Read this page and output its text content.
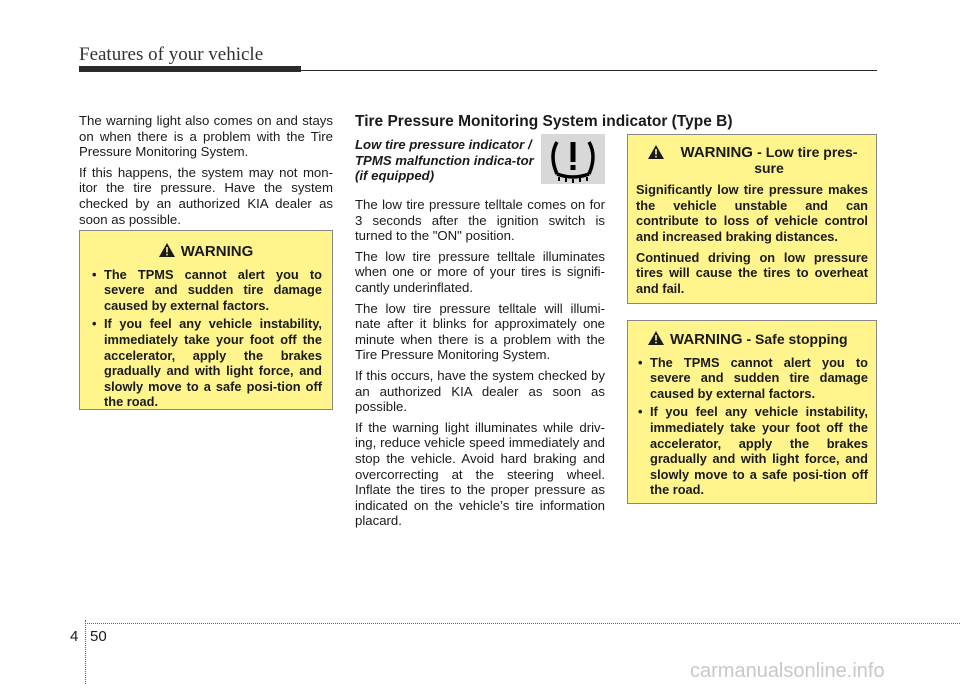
Features of your vehicle

The warning light also comes on and stays on when there is a problem with the Tire Pressure Monitoring System.

If this happens, the system may not mon-itor the tire pressure. Have the system checked by an authorized KIA dealer as soon as possible.

WARNING
• The TPMS cannot alert you to severe and sudden tire damage caused by external factors.
• If you feel any vehicle instability, immediately take your foot off the accelerator, apply the brakes gradually and with light force, and slowly move to a safe posi-tion off the road.
Tire Pressure Monitoring System indicator (Type B)
Low tire pressure indicator / TPMS malfunction indica-tor (if equipped)

The low tire pressure telltale comes on for 3 seconds after the ignition switch is turned to the "ON" position.

The low tire pressure telltale illuminates when one or more of your tires is signifi-cantly underinflated.

The low tire pressure telltale will illumi-nate after it blinks for approximately one minute when there is a problem with the Tire Pressure Monitoring System.

If this occurs, have the system checked by an authorized KIA dealer as soon as possible.

If the warning light illuminates while driv-ing, reduce vehicle speed immediately and stop the vehicle. Avoid hard braking and overcorrecting at the steering wheel. Inflate the tires to the proper pressure as indicated on the vehicle’s tire information placard.

WARNING - Low tire pres-sure

Significantly low tire pressure makes the vehicle unstable and can contribute to loss of vehicle control and increased braking distances.

Continued driving on low pressure tires will cause the tires to overheat and fail.

WARNING - Safe stopping
• The TPMS cannot alert you to severe and sudden tire damage caused by external factors.
• If you feel any vehicle instability, immediately take your foot off the accelerator, apply the brakes gradually and with light force, and slowly move to a safe posi-tion off the road.
4 50
carmanualsonline.info
